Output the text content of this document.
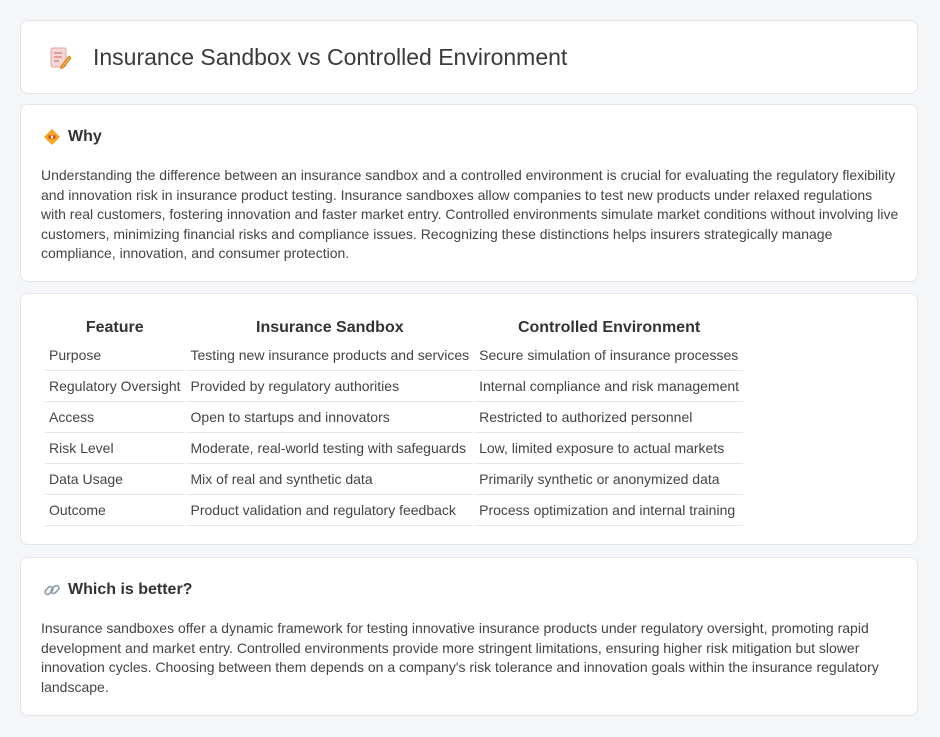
Insurance Sandbox vs Controlled Environment
Why

Understanding the difference between an insurance sandbox and a controlled environment is crucial for evaluating the regulatory flexibility and innovation risk in insurance product testing. Insurance sandboxes allow companies to test new products under relaxed regulations with real customers, fostering innovation and faster market entry. Controlled environments simulate market conditions without involving live customers, minimizing financial risks and compliance issues. Recognizing these distinctions helps insurers strategically manage compliance, innovation, and consumer protection.

Feature	Insurance Sandbox	Controlled Environment
Purpose	Testing new insurance products and services	Secure simulation of insurance processes
Regulatory Oversight	Provided by regulatory authorities	Internal compliance and risk management
Access	Open to startups and innovators	Restricted to authorized personnel
Risk Level	Moderate, real-world testing with safeguards	Low, limited exposure to actual markets
Data Usage	Mix of real and synthetic data	Primarily synthetic or anonymized data
Outcome	Product validation and regulatory feedback	Process optimization and internal training
Which is better?

Insurance sandboxes offer a dynamic framework for testing innovative insurance products under regulatory oversight, promoting rapid development and market entry. Controlled environments provide more stringent limitations, ensuring higher risk mitigation but slower innovation cycles. Choosing between them depends on a company's risk tolerance and innovation goals within the insurance regulatory landscape.
